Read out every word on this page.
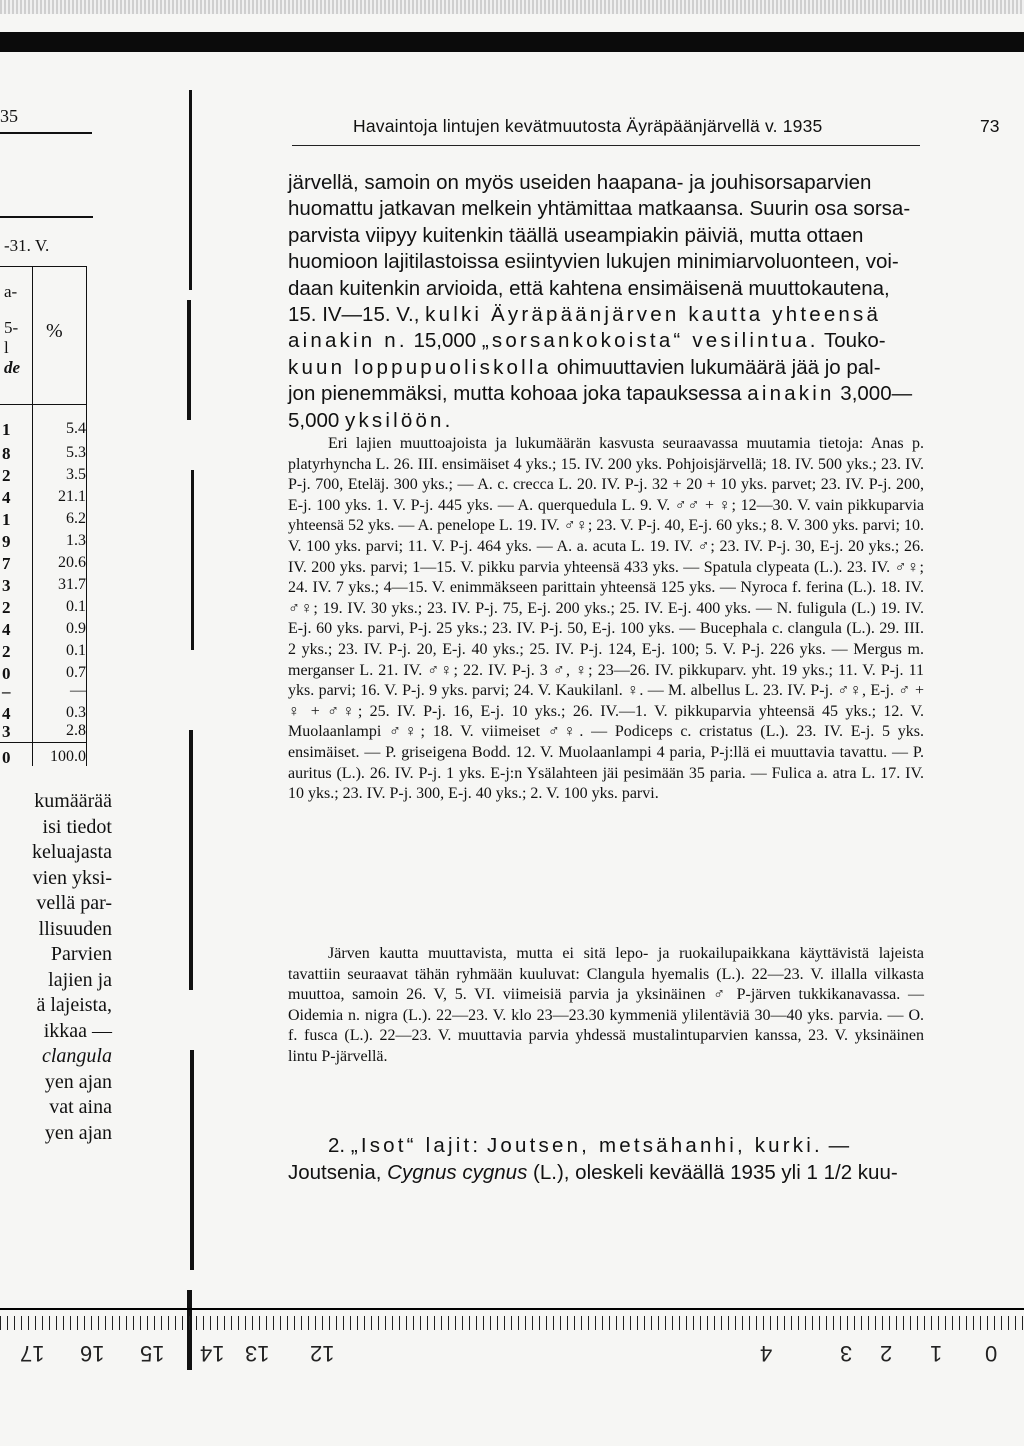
35
-31. V.
a-
5-
l
de
%
1	5.4
8	5.3
2	3.5
4	21.1
1	6.2
9	1.3
7	20.6
3	31.7
2	0.1
4	0.9
2	0.1
0	0.7
–	—
4	0.3
3	2.8
0	100.0
kumäärää
isi tiedot
keluajasta
vien yksi-
vellä par-
llisuuden
Parvien
lajien ja
ä lajeista,
ikkaa —
clangula
yen ajan
vat aina
yen ajan
Havaintoja lintujen kevätmuutosta Äyräpäänjärvellä v. 1935	73

järvellä, samoin on myös useiden haapana- ja jouhisorsaparvien
huomattu jatkavan melkein yhtämittaa matkaansa. Suurin osa sorsa-
parvista viipyy kuitenkin täällä useampiakin päiviä, mutta ottaen
huomioon lajitilastoissa esiintyvien lukujen minimiarvoluonteen, voi-
daan kuitenkin arvioida, että kahtena ensimäisenä muuttokautena,
15. IV—15. V., kulki Äyräpäänjärven kautta yhteensä
ainakin n. 15,000 „sorsankokoista“ vesilintua. Touko-
kuun loppupuoliskolla ohimuuttavien lukumäärä jää jo pal-
jon pienemmäksi, mutta kohoaa joka tapauksessa ainakin 3,000—
5,000 yksilöön.

Eri lajien muuttoajoista ja lukumäärän kasvusta seuraavassa muutamia tietoja: Anas p. platyrhyncha L. 26. III. ensimäiset 4 yks.; 15. IV. 200 yks. Pohjoisjärvellä; 18. IV. 500 yks.; 23. IV. P-j. 700, Eteläj. 300 yks.; — A. c. crecca L. 20. IV. P-j. 32 + 20 + 10 yks. parvet; 23. IV. P-j. 200, E-j. 100 yks. 1. V. P-j. 445 yks. — A. querquedula L. 9. V. ♂♂ + ♀; 12—30. V. vain pikkuparvia yhteensä 52 yks. — A. penelope L. 19. IV. ♂♀; 23. V. P-j. 40, E-j. 60 yks.; 8. V. 300 yks. parvi; 10. V. 100 yks. parvi; 11. V. P-j. 464 yks. — A. a. acuta L. 19. IV. ♂; 23. IV. P-j. 30, E-j. 20 yks.; 26. IV. 200 yks. parvi; 1—15. V. pikku parvia yhteensä 433 yks. — Spatula clypeata (L.). 23. IV. ♂♀; 24. IV. 7 yks.; 4—15. V. enimmäkseen parittain yhteensä 125 yks. — Nyroca f. ferina (L.). 18. IV. ♂♀; 19. IV. 30 yks.; 23. IV. P-j. 75, E-j. 200 yks.; 25. IV. E-j. 400 yks. — N. fuligula (L.) 19. IV. E-j. 60 yks. parvi, P-j. 25 yks.; 23. IV. P-j. 50, E-j. 100 yks. — Bucephala c. clangula (L.). 29. III. 2 yks.; 23. IV. P-j. 20, E-j. 40 yks.; 25. IV. P-j. 124, E-j. 100; 5. V. P-j. 226 yks. — Mergus m. merganser L. 21. IV. ♂♀; 22. IV. P-j. 3 ♂, ♀; 23—26. IV. pikkuparv. yht. 19 yks.; 11. V. P-j. 11 yks. parvi; 16. V. P-j. 9 yks. parvi; 24. V. Kaukilanl. ♀. — M. albellus L. 23. IV. P-j. ♂♀, E-j. ♂ + ♀ + ♂♀; 25. IV. P-j. 16, E-j. 10 yks.; 26. IV.—1. V. pikkuparvia yhteensä 45 yks.; 12. V. Muolaanlampi ♂♀; 18. V. viimeiset ♂♀. — Podiceps c. cristatus (L.). 23. IV. E-j. 5 yks. ensimäiset. — P. griseigena Bodd. 12. V. Muolaanlampi 4 paria, P-j:llä ei muuttavia tavattu. — P. auritus (L.). 26. IV. P-j. 1 yks. E-j:n Ysälahteen jäi pesimään 35 paria. — Fulica a. atra L. 17. IV. 10 yks.; 23. IV. P-j. 300, E-j. 40 yks.; 2. V. 100 yks. parvi.

Järven kautta muuttavista, mutta ei sitä lepo- ja ruokailupaikkana käyttävistä lajeista tavattiin seuraavat tähän ryhmään kuuluvat: Clangula hyemalis (L.). 22—23. V. illalla vilkasta muuttoa, samoin 26. V, 5. VI. viimeisiä parvia ja yksinäinen ♂ P-järven tukkikanavassa. — Oidemia n. nigra (L.). 22—23. V. klo 23—23.30 kymmeniä ylilentäviä 30—40 yks. parvia. — O. f. fusca (L.). 22—23. V. muuttavia parvia yhdessä mustalintuparvien kanssa, 23. V. yksinäinen lintu P-järvellä.

2. „Isot“ lajit: Joutsen, metsähanhi, kurki. —
Joutsenia, Cygnus cygnus (L.), oleskeli keväällä 1935 yli 1 1/2 kuu-

17 16 15 14 13 12	4	3 2 1 0
